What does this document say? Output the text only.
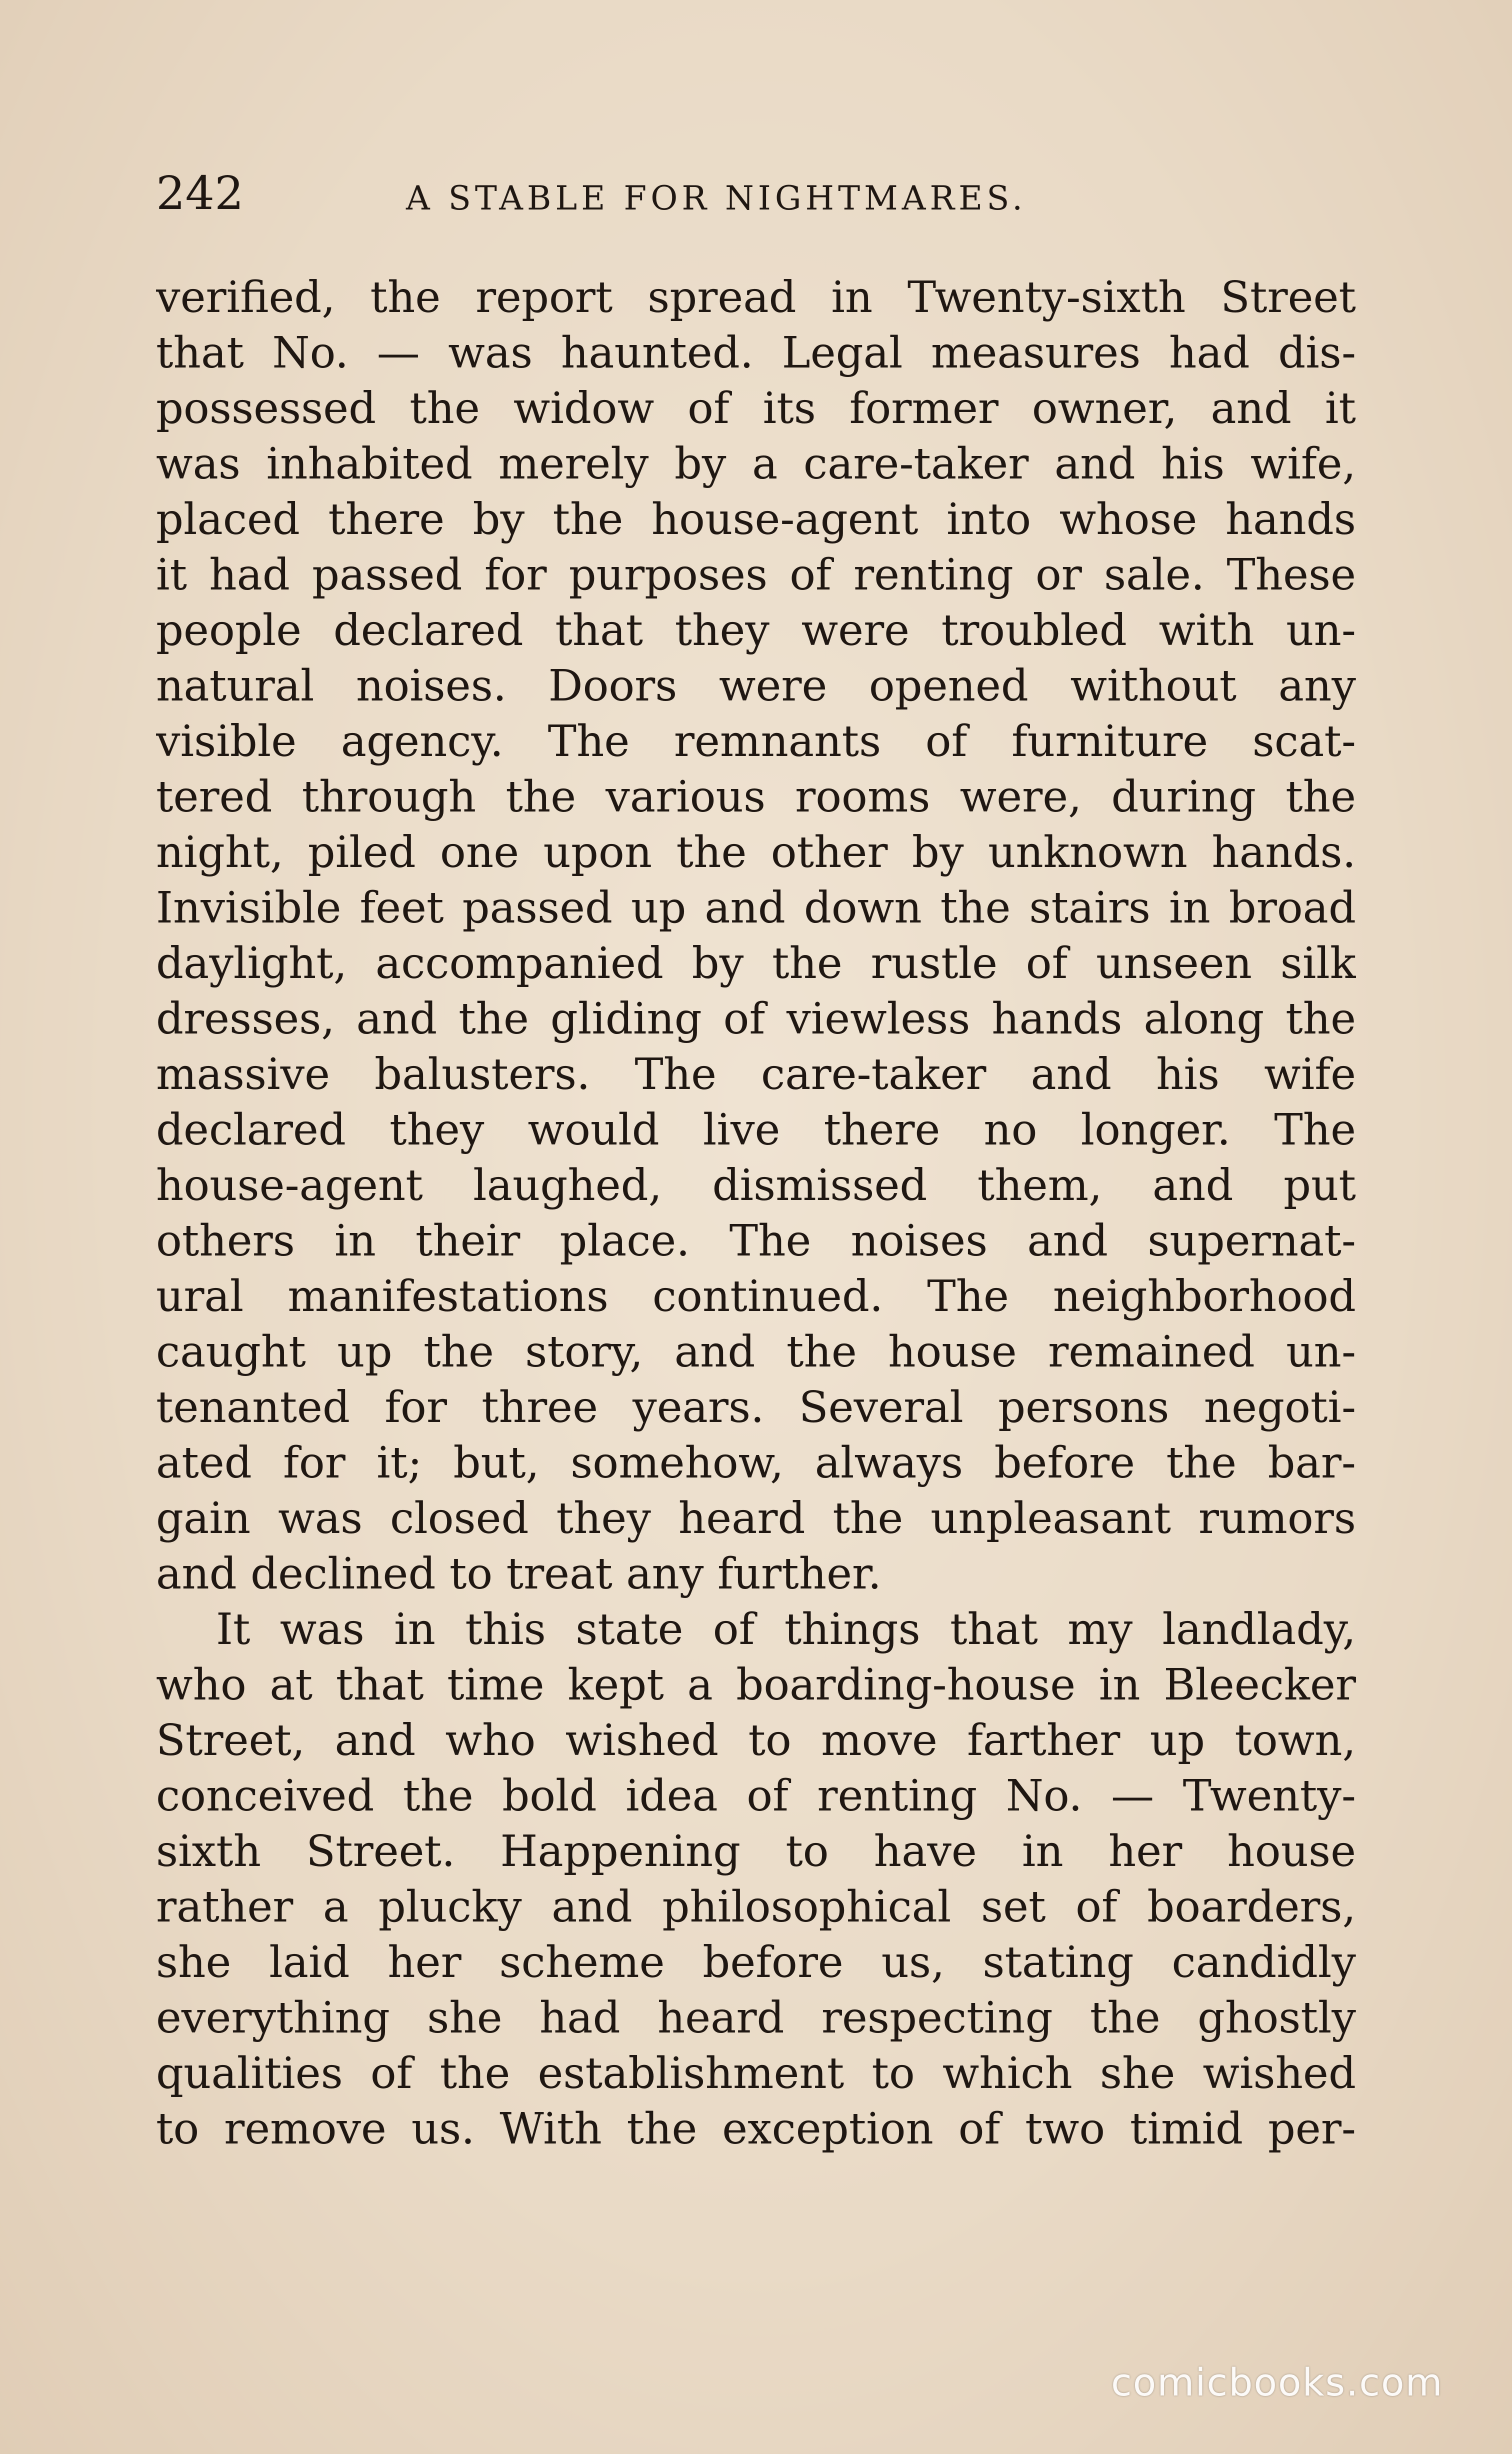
242	A STABLE FOR NIGHTMARES.
verified, the report spread in Twenty-sixth Street
that No. — was haunted. Legal measures had dis-
possessed the widow of its former owner, and it
was inhabited merely by a care-taker and his wife,
placed there by the house-agent into whose hands
it had passed for purposes of renting or sale. These
people declared that they were troubled with un-
natural noises. Doors were opened without any
visible agency. The remnants of furniture scat-
tered through the various rooms were, during the
night, piled one upon the other by unknown hands.
Invisible feet passed up and down the stairs in broad
daylight, accompanied by the rustle of unseen silk
dresses, and the gliding of viewless hands along the
massive balusters. The care-taker and his wife
declared they would live there no longer. The
house-agent laughed, dismissed them, and put
others in their place. The noises and supernat-
ural manifestations continued. The neighborhood
caught up the story, and the house remained un-
tenanted for three years. Several persons negoti-
ated for it; but, somehow, always before the bar-
gain was closed they heard the unpleasant rumors
and declined to treat any further.
It was in this state of things that my landlady,
who at that time kept a boarding-house in Bleecker
Street, and who wished to move farther up town,
conceived the bold idea of renting No. — Twenty-
sixth Street. Happening to have in her house
rather a plucky and philosophical set of boarders,
she laid her scheme before us, stating candidly
everything she had heard respecting the ghostly
qualities of the establishment to which she wished
to remove us. With the exception of two timid per-
comicbooks.com
